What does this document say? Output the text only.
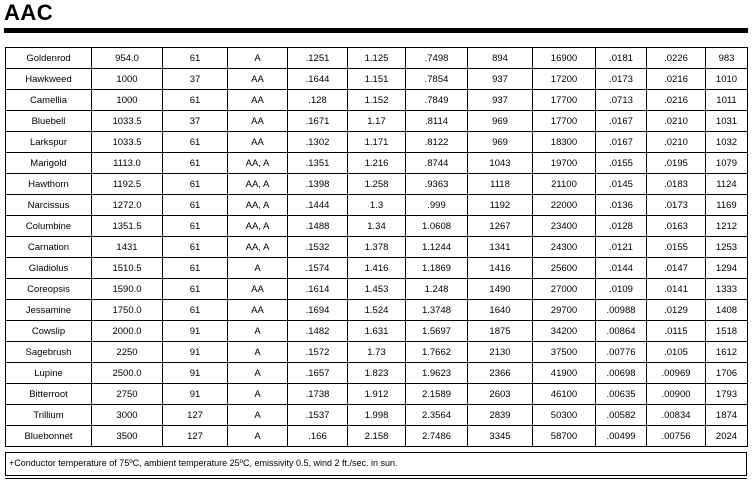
AAC
Goldenrod	954.0	61	A	.1251	1.125	.7498	894	16900	.0181	.0226	983
Hawkweed	1000	37	AA	.1644	1.151	.7854	937	17200	.0173	.0216	1010
Camellia	1000	61	AA	.128	1.152	.7849	937	17700	.0713	.0216	1011
Bluebell	1033.5	37	AA	.1671	1.17	.8114	969	17700	.0167	.0210	1031
Larkspur	1033.5	61	AA	.1302	1.171	.8122	969	18300	.0167	.0210	1032
Marigold	1113.0	61	AA, A	.1351	1.216	.8744	1043	19700	.0155	.0195	1079
Hawthorn	1192.5	61	AA, A	.1398	1.258	.9363	1118	21100	.0145	.0183	1124
Narcissus	1272.0	61	AA, A	.1444	1.3	.999	1192	22000	.0136	.0173	1169
Columbine	1351.5	61	AA, A	.1488	1.34	1.0608	1267	23400	.0128	.0163	1212
Carnation	1431	61	AA, A	.1532	1.378	1.1244	1341	24300	.0121	.0155	1253
Gladiolus	1510.5	61	A	.1574	1.416	1.1869	1416	25600	.0144	.0147	1294
Coreopsis	1590.0	61	AA	.1614	1.453	1.248	1490	27000	.0109	.0141	1333
Jessamine	1750.0	61	AA	.1694	1.524	1.3748	1640	29700	.00988	.0129	1408
Cowslip	2000.0	91	A	.1482	1.631	1.5697	1875	34200	.00864	.0115	1518
Sagebrush	2250	91	A	.1572	1.73	1.7662	2130	37500	.00776	.0105	1612
Lupine	2500.0	91	A	.1657	1.823	1.9623	2366	41900	.00698	.00969	1706
Bitterroot	2750	91	A	.1738	1.912	2.1589	2603	46100	.00635	.00900	1793
Trillium	3000	127	A	.1537	1.998	2.3564	2839	50300	.00582	.00834	1874
Bluebonnet	3500	127	A	.166	2.158	2.7486	3345	58700	.00499	.00756	2024
+Conductor temperature of 75ºC, ambient temperature 25ºC, emissivity 0.5, wind 2 ft./sec. in sun.
